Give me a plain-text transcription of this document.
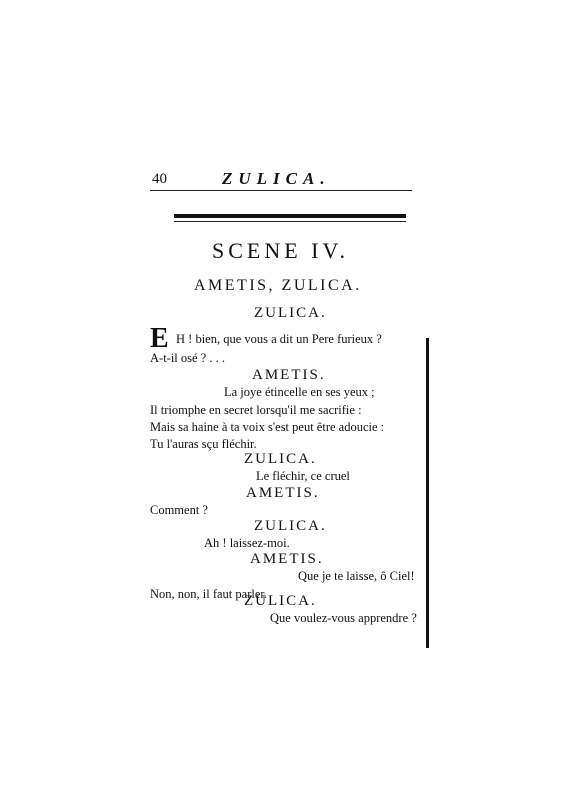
40	ZULICA.
SCENE IV.
AMETIS, ZULICA.
ZULICA.
E H ! bien, que vous a dit un Pere furieux ?
A-t-il osé ? . . .
AMETIS.
La joye étincelle en ses yeux ;
Il triomphe en secret lorsqu'il me sacrifie :
Mais sa haine à ta voix s'est peut être adoucie :
Tu l'auras sçu fléchir.
ZULICA.
Le fléchir, ce cruel
AMETIS.
Comment ?
ZULICA.
Ah ! laissez-moi.
AMETIS.
Que je te laisse, ô Ciel!
Non, non, il faut parler.
ZULICA.
Que voulez-vous apprendre ?
